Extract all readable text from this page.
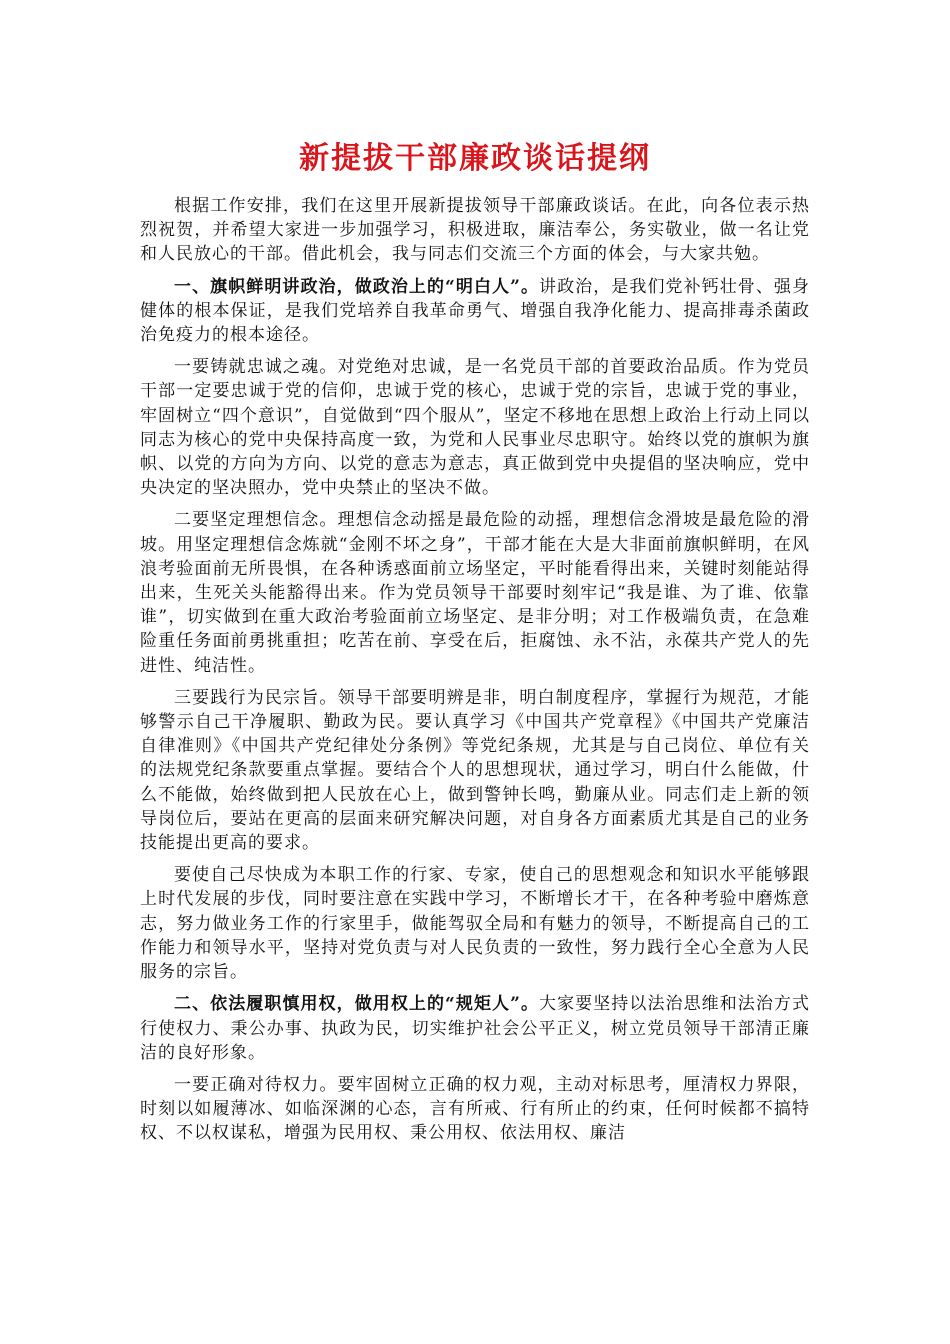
新提拔干部廉政谈话提纲

根据工作安排，我们在这里开展新提拔领导干部廉政谈话。在此，向各位表示热烈祝贺，并希望大家进一步加强学习，积极进取，廉洁奉公，务实敬业，做一名让党和人民放心的干部。借此机会，我与同志们交流三个方面的体会，与大家共勉。

一、旗帜鲜明讲政治，做政治上的“明白人”。讲政治，是我们党补钙壮骨、强身健体的根本保证，是我们党培养自我革命勇气、增强自我净化能力、提高排毒杀菌政治免疫力的根本途径。

一要铸就忠诚之魂。对党绝对忠诚，是一名党员干部的首要政治品质。作为党员干部一定要忠诚于党的信仰，忠诚于党的核心，忠诚于党的宗旨，忠诚于党的事业，牢固树立“四个意识”，自觉做到“四个服从”，坚定不移地在思想上政治上行动上同以同志为核心的党中央保持高度一致，为党和人民事业尽忠职守。始终以党的旗帜为旗帜、以党的方向为方向、以党的意志为意志，真正做到党中央提倡的坚决响应，党中央决定的坚决照办，党中央禁止的坚决不做。

二要坚定理想信念。理想信念动摇是最危险的动摇，理想信念滑坡是最危险的滑坡。用坚定理想信念炼就“金刚不坏之身”，干部才能在大是大非面前旗帜鲜明，在风浪考验面前无所畏惧，在各种诱惑面前立场坚定，平时能看得出来，关键时刻能站得出来，生死关头能豁得出来。作为党员领导干部要时刻牢记“我是谁、为了谁、依靠谁”，切实做到在重大政治考验面前立场坚定、是非分明；对工作极端负责，在急难险重任务面前勇挑重担；吃苦在前、享受在后，拒腐蚀、永不沾，永葆共产党人的先进性、纯洁性。

三要践行为民宗旨。领导干部要明辨是非，明白制度程序，掌握行为规范，才能够警示自己干净履职、勤政为民。要认真学习《中国共产党章程》《中国共产党廉洁自律准则》《中国共产党纪律处分条例》等党纪条规，尤其是与自己岗位、单位有关的法规党纪条款要重点掌握。要结合个人的思想现状，通过学习，明白什么能做，什么不能做，始终做到把人民放在心上，做到警钟长鸣，勤廉从业。同志们走上新的领导岗位后，要站在更高的层面来研究解决问题，对自身各方面素质尤其是自己的业务技能提出更高的要求。

要使自己尽快成为本职工作的行家、专家，使自己的思想观念和知识水平能够跟上时代发展的步伐，同时要注意在实践中学习，不断增长才干，在各种考验中磨炼意志，努力做业务工作的行家里手，做能驾驭全局和有魅力的领导，不断提高自己的工作能力和领导水平，坚持对党负责与对人民负责的一致性，努力践行全心全意为人民服务的宗旨。

二、依法履职慎用权，做用权上的“规矩人”。大家要坚持以法治思维和法治方式行使权力、秉公办事、执政为民，切实维护社会公平正义，树立党员领导干部清正廉洁的良好形象。

一要正确对待权力。要牢固树立正确的权力观，主动对标思考，厘清权力界限，时刻以如履薄冰、如临深渊的心态，言有所戒、行有所止的约束，任何时候都不搞特权、不以权谋私，增强为民用权、秉公用权、依法用权、廉洁
